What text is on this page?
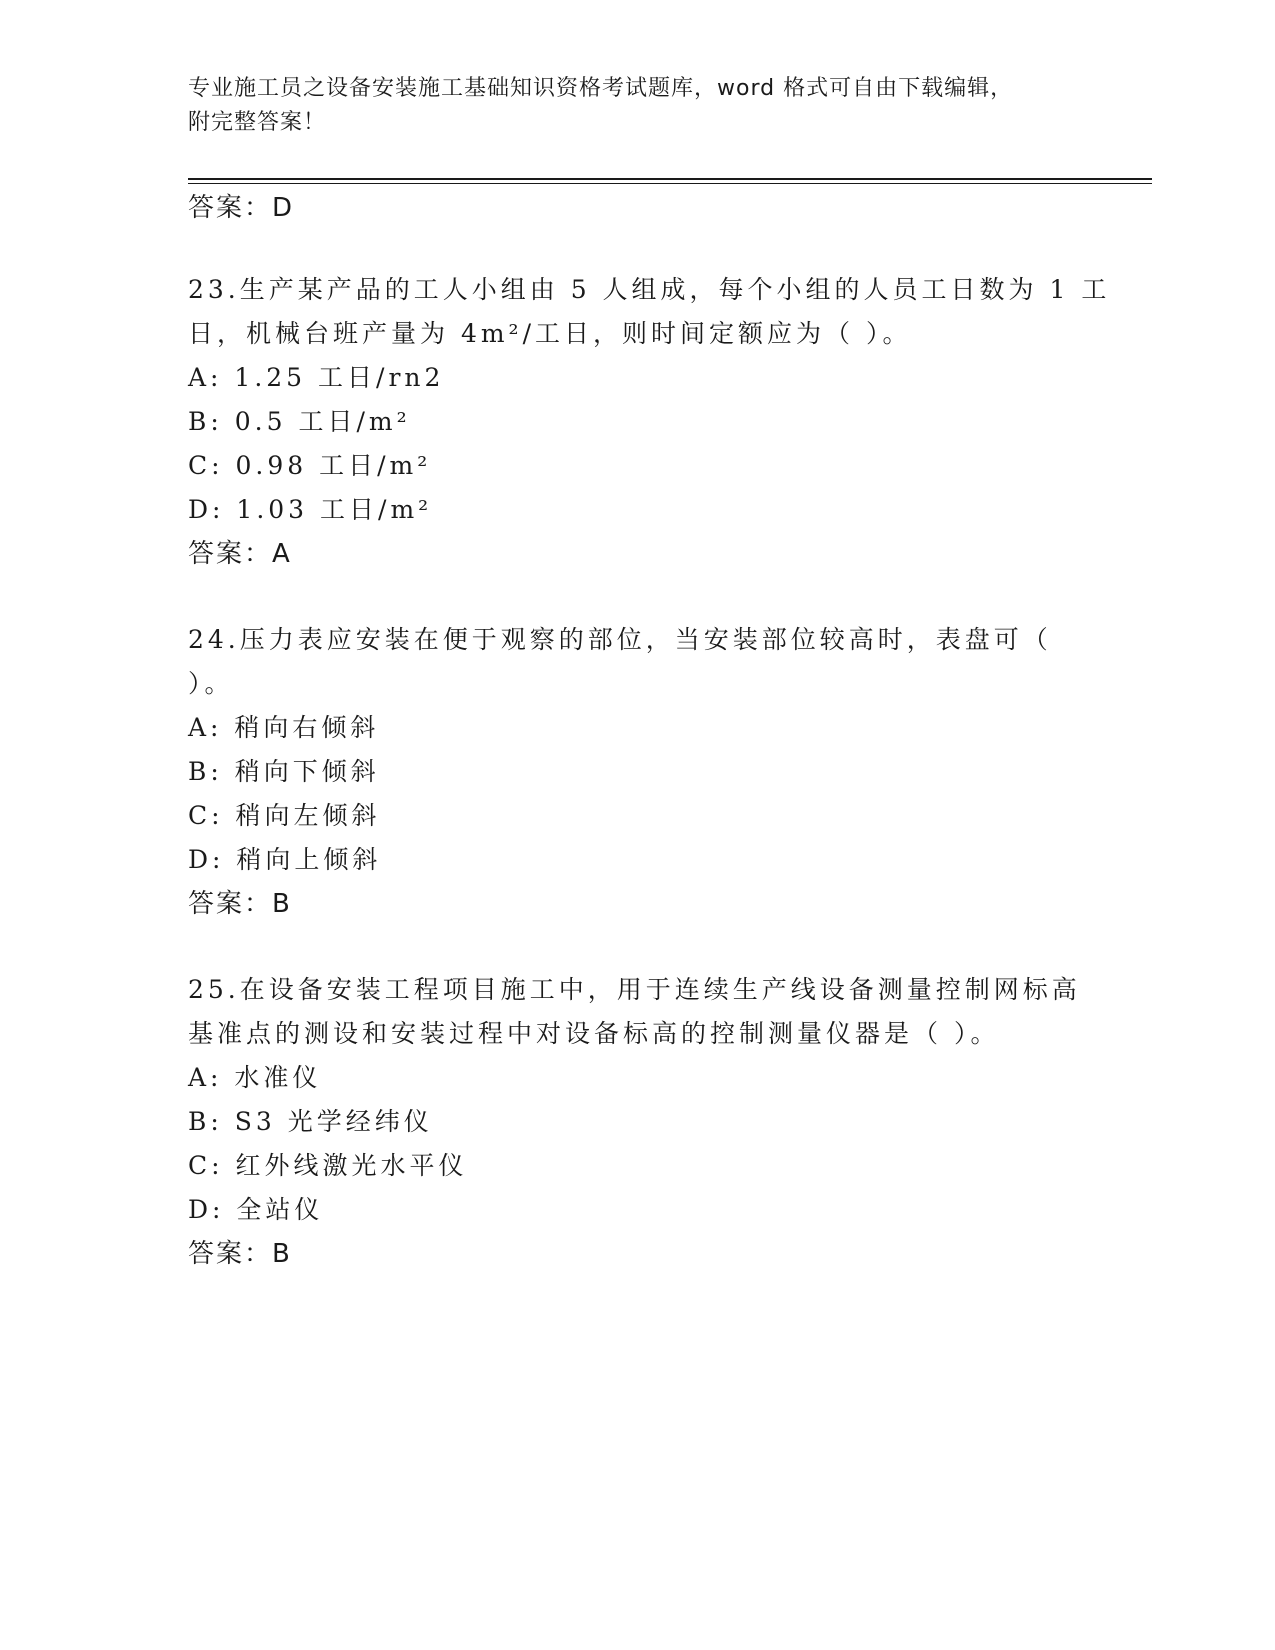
专业施工员之设备安装施工基础知识资格考试题库，word 格式可自由下载编辑，
附完整答案！
答案：D
23.生产某产品的工人小组由 5 人组成，每个小组的人员工日数为 1 工
日，机械台班产量为 4m²/工日，则时间定额应为（ ）。
A: 1.25 工日/rn2
B: 0.5 工日/m²
C: 0.98 工日/m²
D: 1.03 工日/m²
答案：A
24.压力表应安装在便于观察的部位，当安装部位较高时，表盘可（
）。
A: 稍向右倾斜
B: 稍向下倾斜
C: 稍向左倾斜
D: 稍向上倾斜
答案：B
25.在设备安装工程项目施工中，用于连续生产线设备测量控制网标高
基准点的测设和安装过程中对设备标高的控制测量仪器是（ ）。
A: 水准仪
B: S3 光学经纬仪
C: 红外线激光水平仪
D: 全站仪
答案：B
